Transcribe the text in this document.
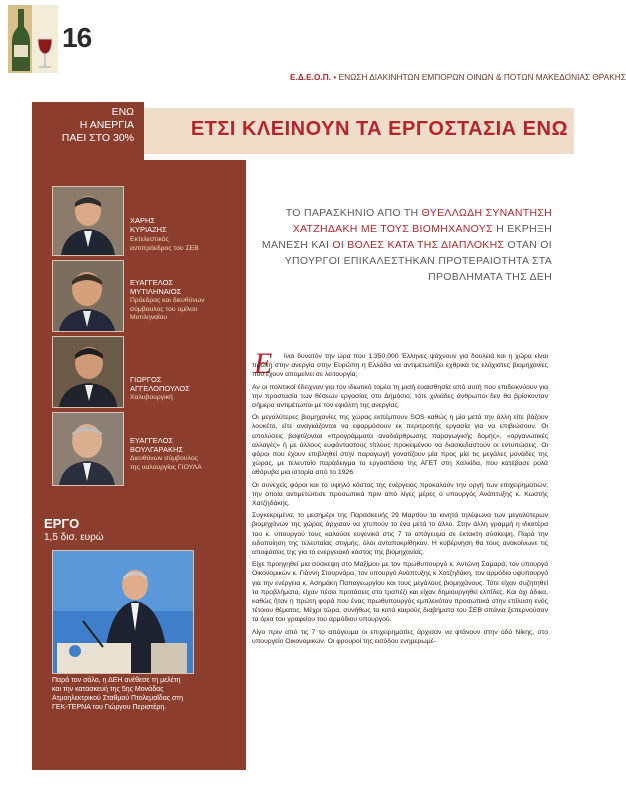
16
Ε.Δ.Ε.Ο.Π. • ΕΝΩΣΗ ΔΙΑΚΙΝΗΤΩΝ ΕΜΠΟΡΩΝ ΟΙΝΩΝ & ΠΟΤΩΝ ΜΑΚΕΔΟΝΙΑΣ ΘΡΑΚΗΣ
ΕΝΩ
Η ΑΝΕΡΓΙΑ
ΠΑΕΙ ΣΤΟ 30%	ΕΤΣΙ ΚΛΕΙΝΟΥΝ ΤΑ ΕΡΓΟΣΤΑΣΙΑ ΕΝΩ
ΧΑΡΗΣ
ΚΥΡΙΑΖΗΣ
Εκτελεστικός
αντιπρόεδρος του ΣΕΒ
ΕΥΑΓΓΕΛΟΣ
ΜΥΤΙΛΗΝΑΙΟΣ
Πρόεδρος και διευθύνων
σύμβουλος του ομίλου
Μυτιληναίου
ΓΙΩΡΓΟΣ
ΑΓΓΕΛΟΠΟΥΛΟΣ
Χαλυβουργική
ΕΥΑΓΓΕΛΟΣ
ΒΟΥΛΓΑΡΑΚΗΣ
Διευθύνων σύμβουλος
της υαλουργίας ΓΙΟΥΛΑ
ΕΡΓΟ
1,5 δισ. ευρώ
Παρά τον σάλο, η ΔΕΗ ανέθεσε τη μελέτη
και την κατασκευή της 5ης Μονάδας
Ατμοηλεκτρικού Σταθμού Πτολεμαΐδας στη
ΓΕΚ-ΤΕΡΝΑ του Γιώργου Περιστέρη.
ΤΟ ΠΑΡΑΣΚΗΝΙΟ ΑΠΟ ΤΗ ΘΥΕΛΛΩΔΗ ΣΥΝΑΝΤΗΣΗ ΧΑΤΖΗΔΑΚΗ ΜΕ ΤΟΥΣ ΒΙΟΜΗΧΑΝΟΥΣ Η ΕΚΡΗΞΗ ΜΑΝΕΣΗ ΚΑΙ ΟΙ ΒΟΛΕΣ ΚΑΤΑ ΤΗΣ ΔΙΑΠΛΟΚΗΣ ΟΤΑΝ ΟΙ ΥΠΟΥΡΓΟΙ ΕΠΙΚΑΛΕΣΤΗΚΑΝ ΠΡΟΤΕΡΑΙΟΤΗΤΑ ΣΤΑ ΠΡΟΒΛΗΜΑΤΑ ΤΗΣ ΔΕΗ
Ε	ίναι δυνατόν την ώρα που 1.350.000 Έλληνες ψάχνουν για δουλειά και η χώρα είναι πρώτη στην ανεργία στην Ευρώπη η Ελλάδα να αντιμετωπίζει εχθρικά τις ελάχιστες βιομηχανίες που έχουν απομείνει σε λειτουργία;

Αν οι πολιτικοί έδειχναν για τον ιδιωτικό τομέα τη μισή ευαισθησία από αυτή που επιδεικνύουν για την προστασία των θέσεων εργασίας στο Δημόσιο, τότε χιλιάδες άνθρωποι δεν θα βρίσκονταν σήμερα αντιμέτωποι με τον εφιάλτη της ανεργίας.

Οι μεγαλύτερες βιομηχανίες της χώρας εκπέμπουν SOS καθώς η μία μετά την άλλη είτε βάζουν λουκέτο, είτε αναγκάζονται να εφαρμόσουν εκ περιτροπής εργασία για να επιβιώσουν. Οι απολύσεις βαφτίζονται «προγράμματα αναδιάρθρωσης παραγωγικής δομής», «οργανωτικές αλλαγές» ή με άλλους ευφάνταστους τίτλους προκειμένου να διασκεδαστούν οι εντυπώσεις. Οι φόροι που έχουν επιβληθεί στην παραγωγή γονατίζουν μία προς μία τις μεγάλες μονάδες της χώρας, με τελευταίο παράδειγμα το εργοστάσιο της ΑΓΕΤ στη Χαλκίδα, που κατέβασε ρολά αθόρυβα μια ιστορία από το 1926.

Οι συνεχείς φόροι και το υψηλό κόστος της ενέργειας προκαλούν την οργή των επιχειρηματιών, την οποία αντιμετώπισε προσωπικά πριν από λίγες μέρες ο υπουργός Ανάπτυξης κ. Κωστής Χατζηδάκης.

Συγκεκριμένα, το μεσημέρι της Παρασκευής 29 Μαρτίου τα κινητά τηλέφωνα των μεγαλύτερων βιομηχάνων της χώρας άρχισαν να χτυπούν το ένα μετά το άλλο. Στην άλλη γραμμή η ιδιαιτέρα του κ. υπουργού τους καλούσε ευγενικά στις 7 το απόγευμα σε έκτακτη σύσκεψη. Παρά την ειδοποίηση της τελευταίας στιγμής, όλοι ανταποκρίθηκαν. Η κυβέρνηση θα τους ανακοίνωνε τις αποφάσεις της για το ενεργειακό κόστος της βιομηχανίας.

Είχε προηγηθεί μια σύσκεψη στο Μαξίμου με τον πρωθυπουργό κ. Αντώνη Σαμαρά, τον υπουργό Οικονομικών κ. Γιάννη Στουρνάρα, τον υπουργό Ανάπτυξης κ Χατζηδάκη, τον αρμόδιο υφυπουργό για την ενέργεια κ. Ασημάκη Παπαγεωργίου και τους μεγάλους βιομηχάνους. Τότε είχαν συζητηθεί τα προβλήματα, είχαν πέσει προτάσεις στο τραπέζι και είχαν δημιουργηθεί ελπίδες. Και όχι άδικα, καθώς ήταν η πρώτη φορά που ένας πρωθυπουργός εμπλεκόταν προσωπικά στην επίλυση ενός τέτοιου θέματος. Μέχρι τώρα, συνήθως τα κατά καιρούς διαβήματα του ΣΕΒ σπάνια ξεπερνούσαν τα όρια του γραφείου του αρμόδιου υπουργού.

Λίγο πριν από τις 7 το απόγευμα οι επιχειρηματίες άρχισαν να φτάνουν στην οδό Νίκης, στο υπουργείο Οικονομικών. Οι φρουροί της εισόδου ενημερωμέ-
